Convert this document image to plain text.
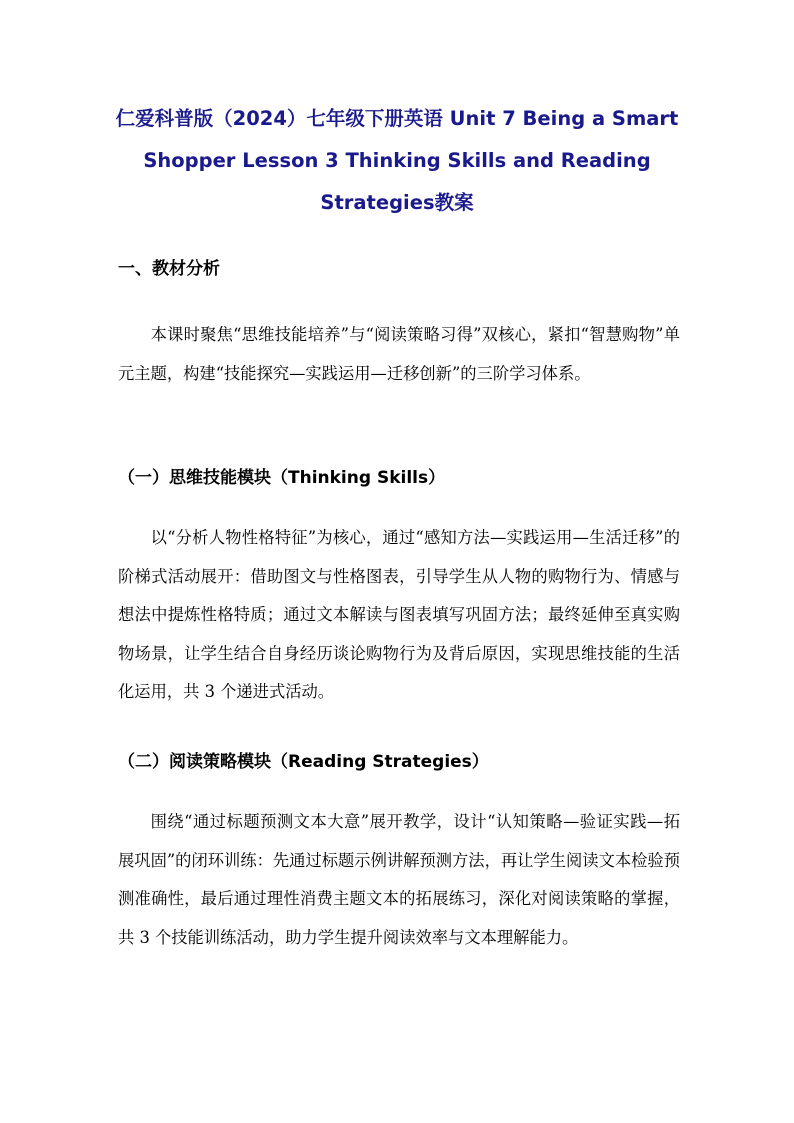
仁爱科普版（2024）七年级下册英语 Unit 7 Being a Smart Shopper Lesson 3 Thinking Skills and Reading Strategies教案
一、教材分析
本课时聚焦“思维技能培养”与“阅读策略习得”双核心，紧扣“智慧购物”单元主题，构建“技能探究—实践运用—迁移创新”的三阶学习体系。
（一）思维技能模块（Thinking Skills）
以“分析人物性格特征”为核心，通过“感知方法—实践运用—生活迁移”的阶梯式活动展开：借助图文与性格图表，引导学生从人物的购物行为、情感与想法中提炼性格特质；通过文本解读与图表填写巩固方法；最终延伸至真实购物场景，让学生结合自身经历谈论购物行为及背后原因，实现思维技能的生活化运用，共 3 个递进式活动。
（二）阅读策略模块（Reading Strategies）
围绕“通过标题预测文本大意”展开教学，设计“认知策略—验证实践—拓展巩固”的闭环训练：先通过标题示例讲解预测方法，再让学生阅读文本检验预测准确性，最后通过理性消费主题文本的拓展练习，深化对阅读策略的掌握，共 3 个技能训练活动，助力学生提升阅读效率与文本理解能力。
